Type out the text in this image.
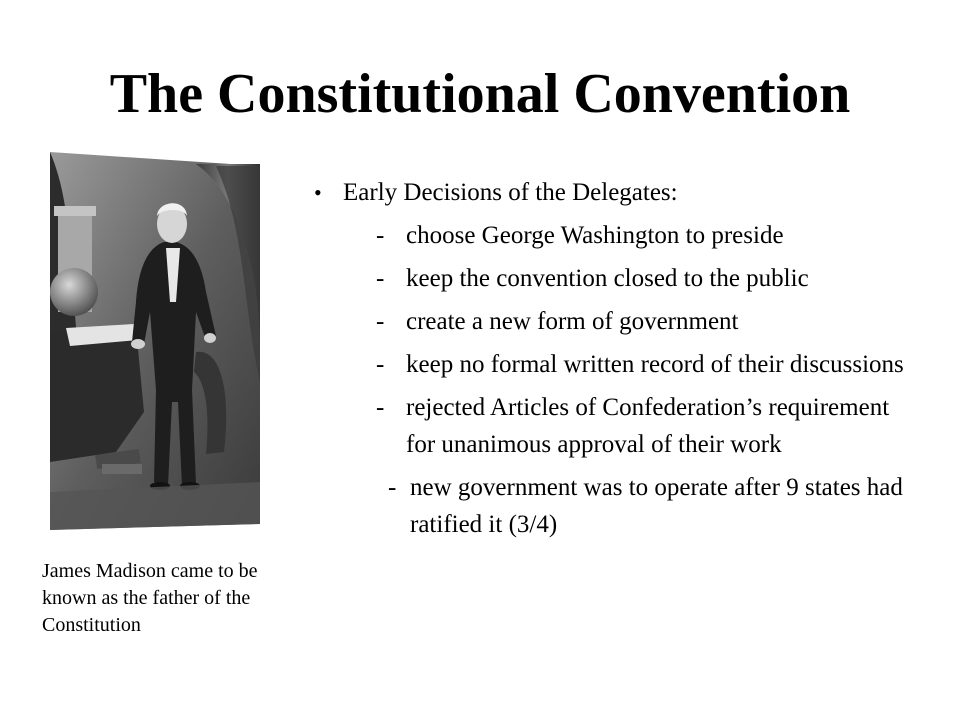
The Constitutional Convention
James Madison came to be known as the father of the Constitution
• Early Decisions of the Delegates:
- choose George Washington to preside
- keep the convention closed to the public
- create a new form of government
- keep no formal written record of their discussions
- rejected Articles of Confederation’s requirement for unanimous approval of their work
- new government was to operate after 9 states had ratified it (3/4)
